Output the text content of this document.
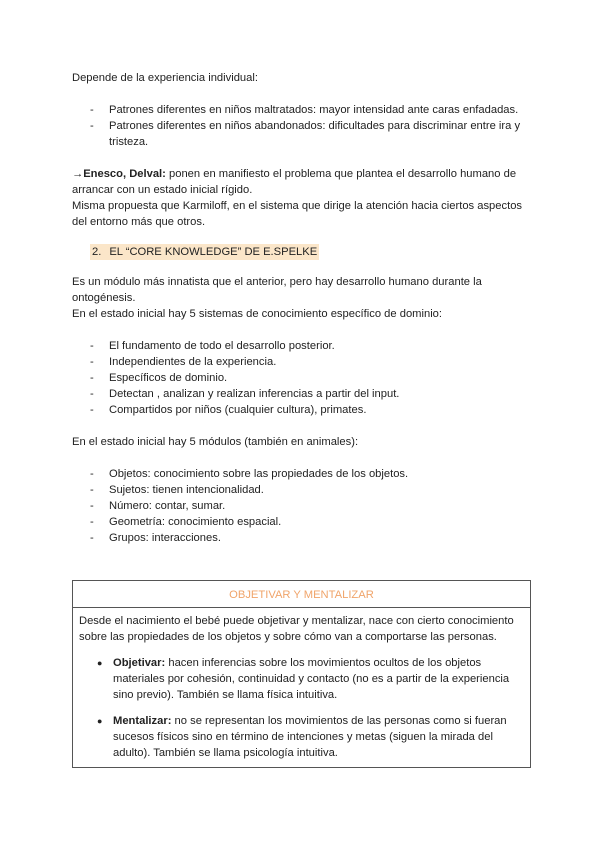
Depende de la experiencia individual:

- Patrones diferentes en niños maltratados: mayor intensidad ante caras enfadadas.
- Patrones diferentes en niños abandonados: dificultades para discriminar entre ira y tristeza.

→Enesco, Delval: ponen en manifiesto el problema que plantea el desarrollo humano de arrancar con un estado inicial rígido.

Misma propuesta que Karmiloff, en el sistema que dirige la atención hacia ciertos aspectos del entorno más que otros.

2. EL “CORE KNOWLEDGE” DE E.SPELKE

Es un módulo más innatista que el anterior, pero hay desarrollo humano durante la ontogénesis.

En el estado inicial hay 5 sistemas de conocimiento específico de dominio:

- El fundamento de todo el desarrollo posterior.
- Independientes de la experiencia.
- Específicos de dominio.
- Detectan , analizan y realizan inferencias a partir del input.
- Compartidos por niños (cualquier cultura), primates.

En el estado inicial hay 5 módulos (también en animales):

- Objetos: conocimiento sobre las propiedades de los objetos.
- Sujetos: tienen intencionalidad.
- Número: contar, sumar.
- Geometría: conocimiento espacial.
- Grupos: interacciones.
OBJETIVAR Y MENTALIZAR

Desde el nacimiento el bebé puede objetivar y mentalizar, nace con cierto conocimiento sobre las propiedades de los objetos y sobre cómo van a comportarse las personas.

● Objetivar: hacen inferencias sobre los movimientos ocultos de los objetos materiales por cohesión, continuidad y contacto (no es a partir de la experiencia sino previo). También se llama física intuitiva.
● Mentalizar: no se representan los movimientos de las personas como si fueran sucesos físicos sino en término de intenciones y metas (siguen la mirada del adulto). También se llama psicología intuitiva.
